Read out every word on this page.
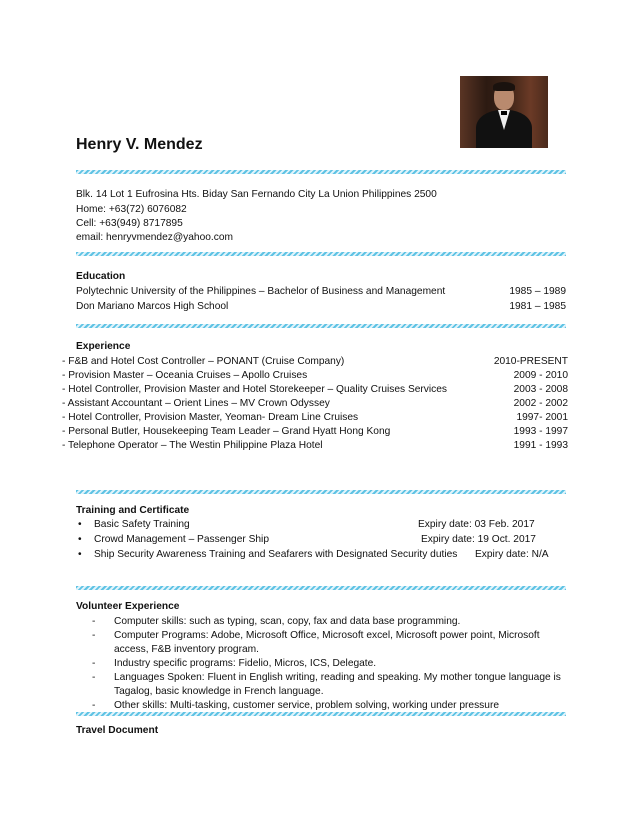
Henry V. Mendez
Blk. 14 Lot 1 Eufrosina Hts. Biday San Fernando City La Union Philippines 2500
Home: +63(72) 6076082
Cell: +63(949) 8717895
email: henryvmendez@yahoo.com
Education
Polytechnic University of the Philippines – Bachelor of Business and Management	1985 – 1989
Don Mariano Marcos High School	1981 – 1985
Experience
- F&B and Hotel Cost Controller – PONANT (Cruise Company)	2010-PRESENT
- Provision Master – Oceania Cruises – Apollo Cruises	2009 - 2010
- Hotel Controller, Provision Master and Hotel Storekeeper – Quality Cruises Services	2003 - 2008
- Assistant Accountant – Orient Lines – MV Crown Odyssey	2002 - 2002
- Hotel Controller, Provision Master, Yeoman- Dream Line Cruises	1997- 2001
- Personal Butler, Housekeeping Team Leader – Grand Hyatt Hong Kong	1993 - 1997
- Telephone Operator – The Westin Philippine Plaza Hotel	1991 - 1993
Training and Certificate
• Basic Safety Training	Expiry date: 03 Feb. 2017
• Crowd Management – Passenger Ship	Expiry date: 19 Oct. 2017
• Ship Security Awareness Training and Seafarers with Designated Security duties Expiry date: N/A
Volunteer Experience
- Computer skills: such as typing, scan, copy, fax and data base programming.
- Computer Programs: Adobe, Microsoft Office, Microsoft excel, Microsoft power point, Microsoft access, F&B inventory program.
- Industry specific programs: Fidelio, Micros, ICS, Delegate.
- Languages Spoken: Fluent in English writing, reading and speaking. My mother tongue language is Tagalog, basic knowledge in French language.
- Other skills: Multi-tasking, customer service, problem solving, working under pressure
Travel Document
